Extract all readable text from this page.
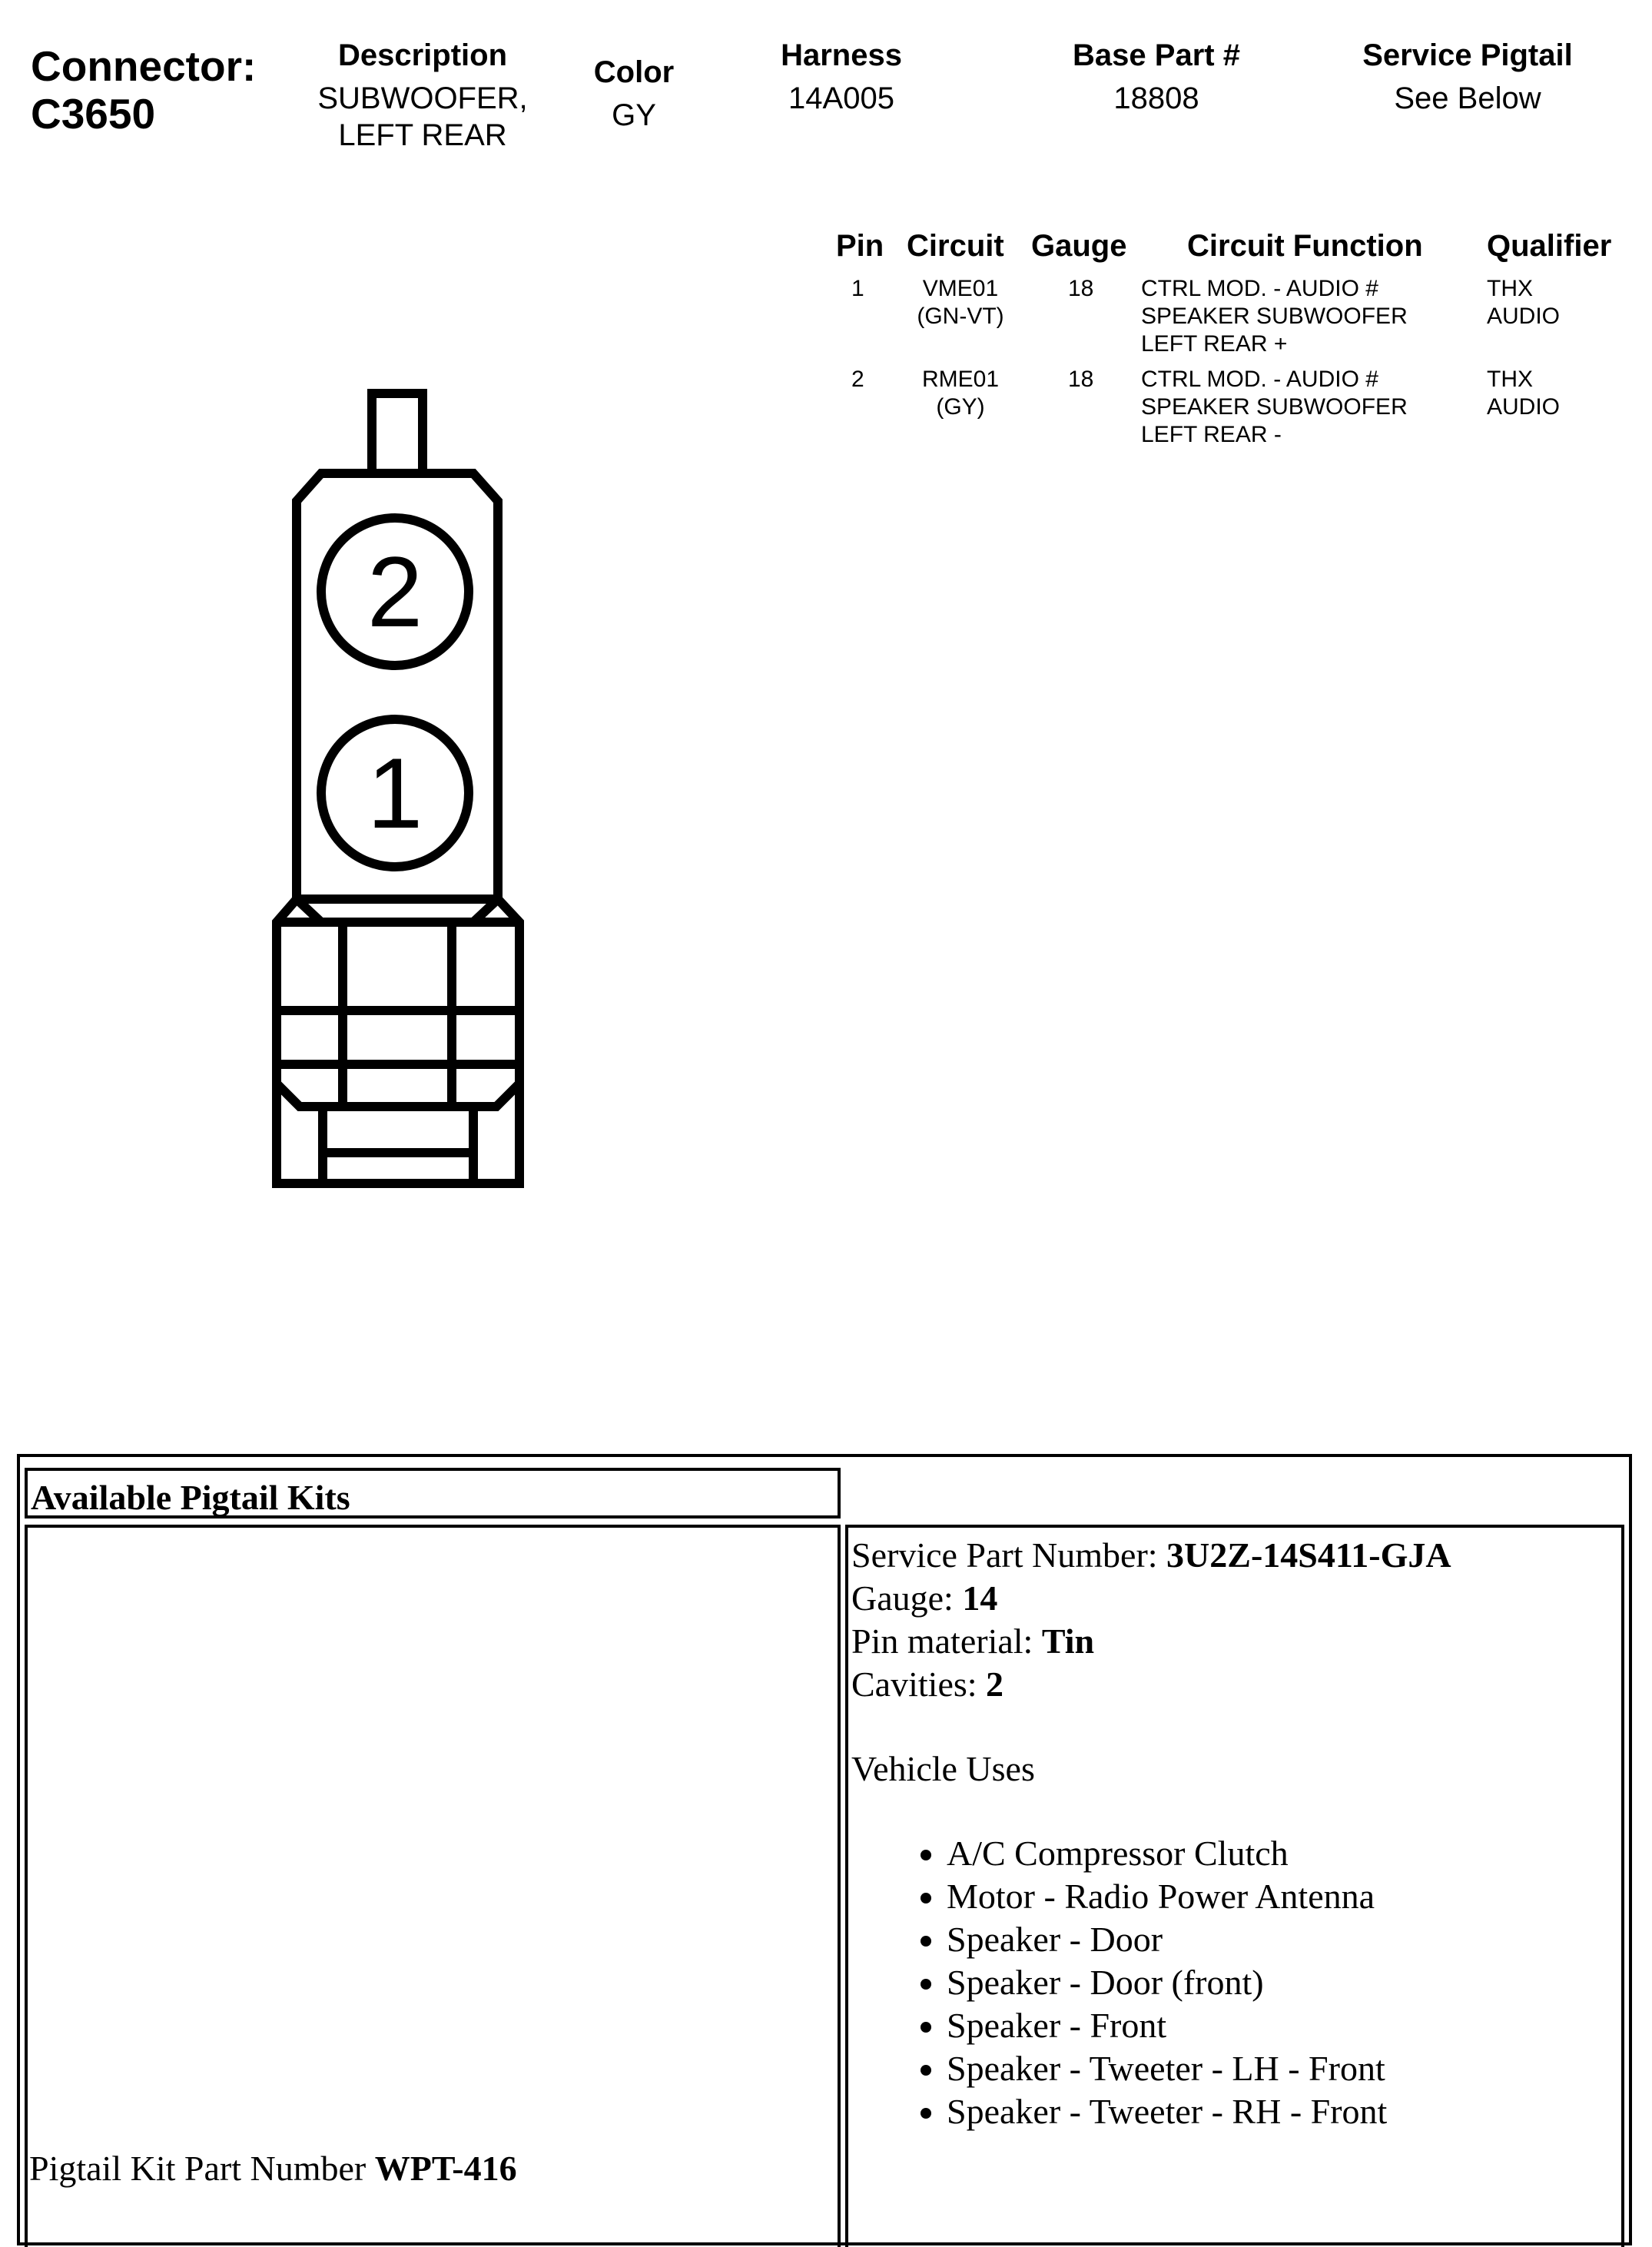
Connector:
C3650
Description
SUBWOOFER,
LEFT REAR
Color
GY
Harness
14A005
Base Part #
18808
Service Pigtail
See Below
Pin Circuit Gauge Circuit Function Qualifier
1	VME01
(GN-VT)
18 CTRL MOD. - AUDIO #
SPEAKER SUBWOOFER
LEFT REAR +
THX
AUDIO
2	RME01
(GY)
18 CTRL MOD. - AUDIO #
SPEAKER SUBWOOFER
LEFT REAR -
THX
AUDIO
2
1
Available Pigtail Kits
Pigtail Kit Part Number WPT-416
Service Part Number: 3U2Z-14S411-GJA
Gauge: 14
Pin material: Tin
Cavities: 2
Vehicle Uses
• A/C Compressor Clutch
• Motor - Radio Power Antenna
• Speaker - Door
• Speaker - Door (front)
• Speaker - Front
• Speaker - Tweeter - LH - Front
• Speaker - Tweeter - RH - Front
